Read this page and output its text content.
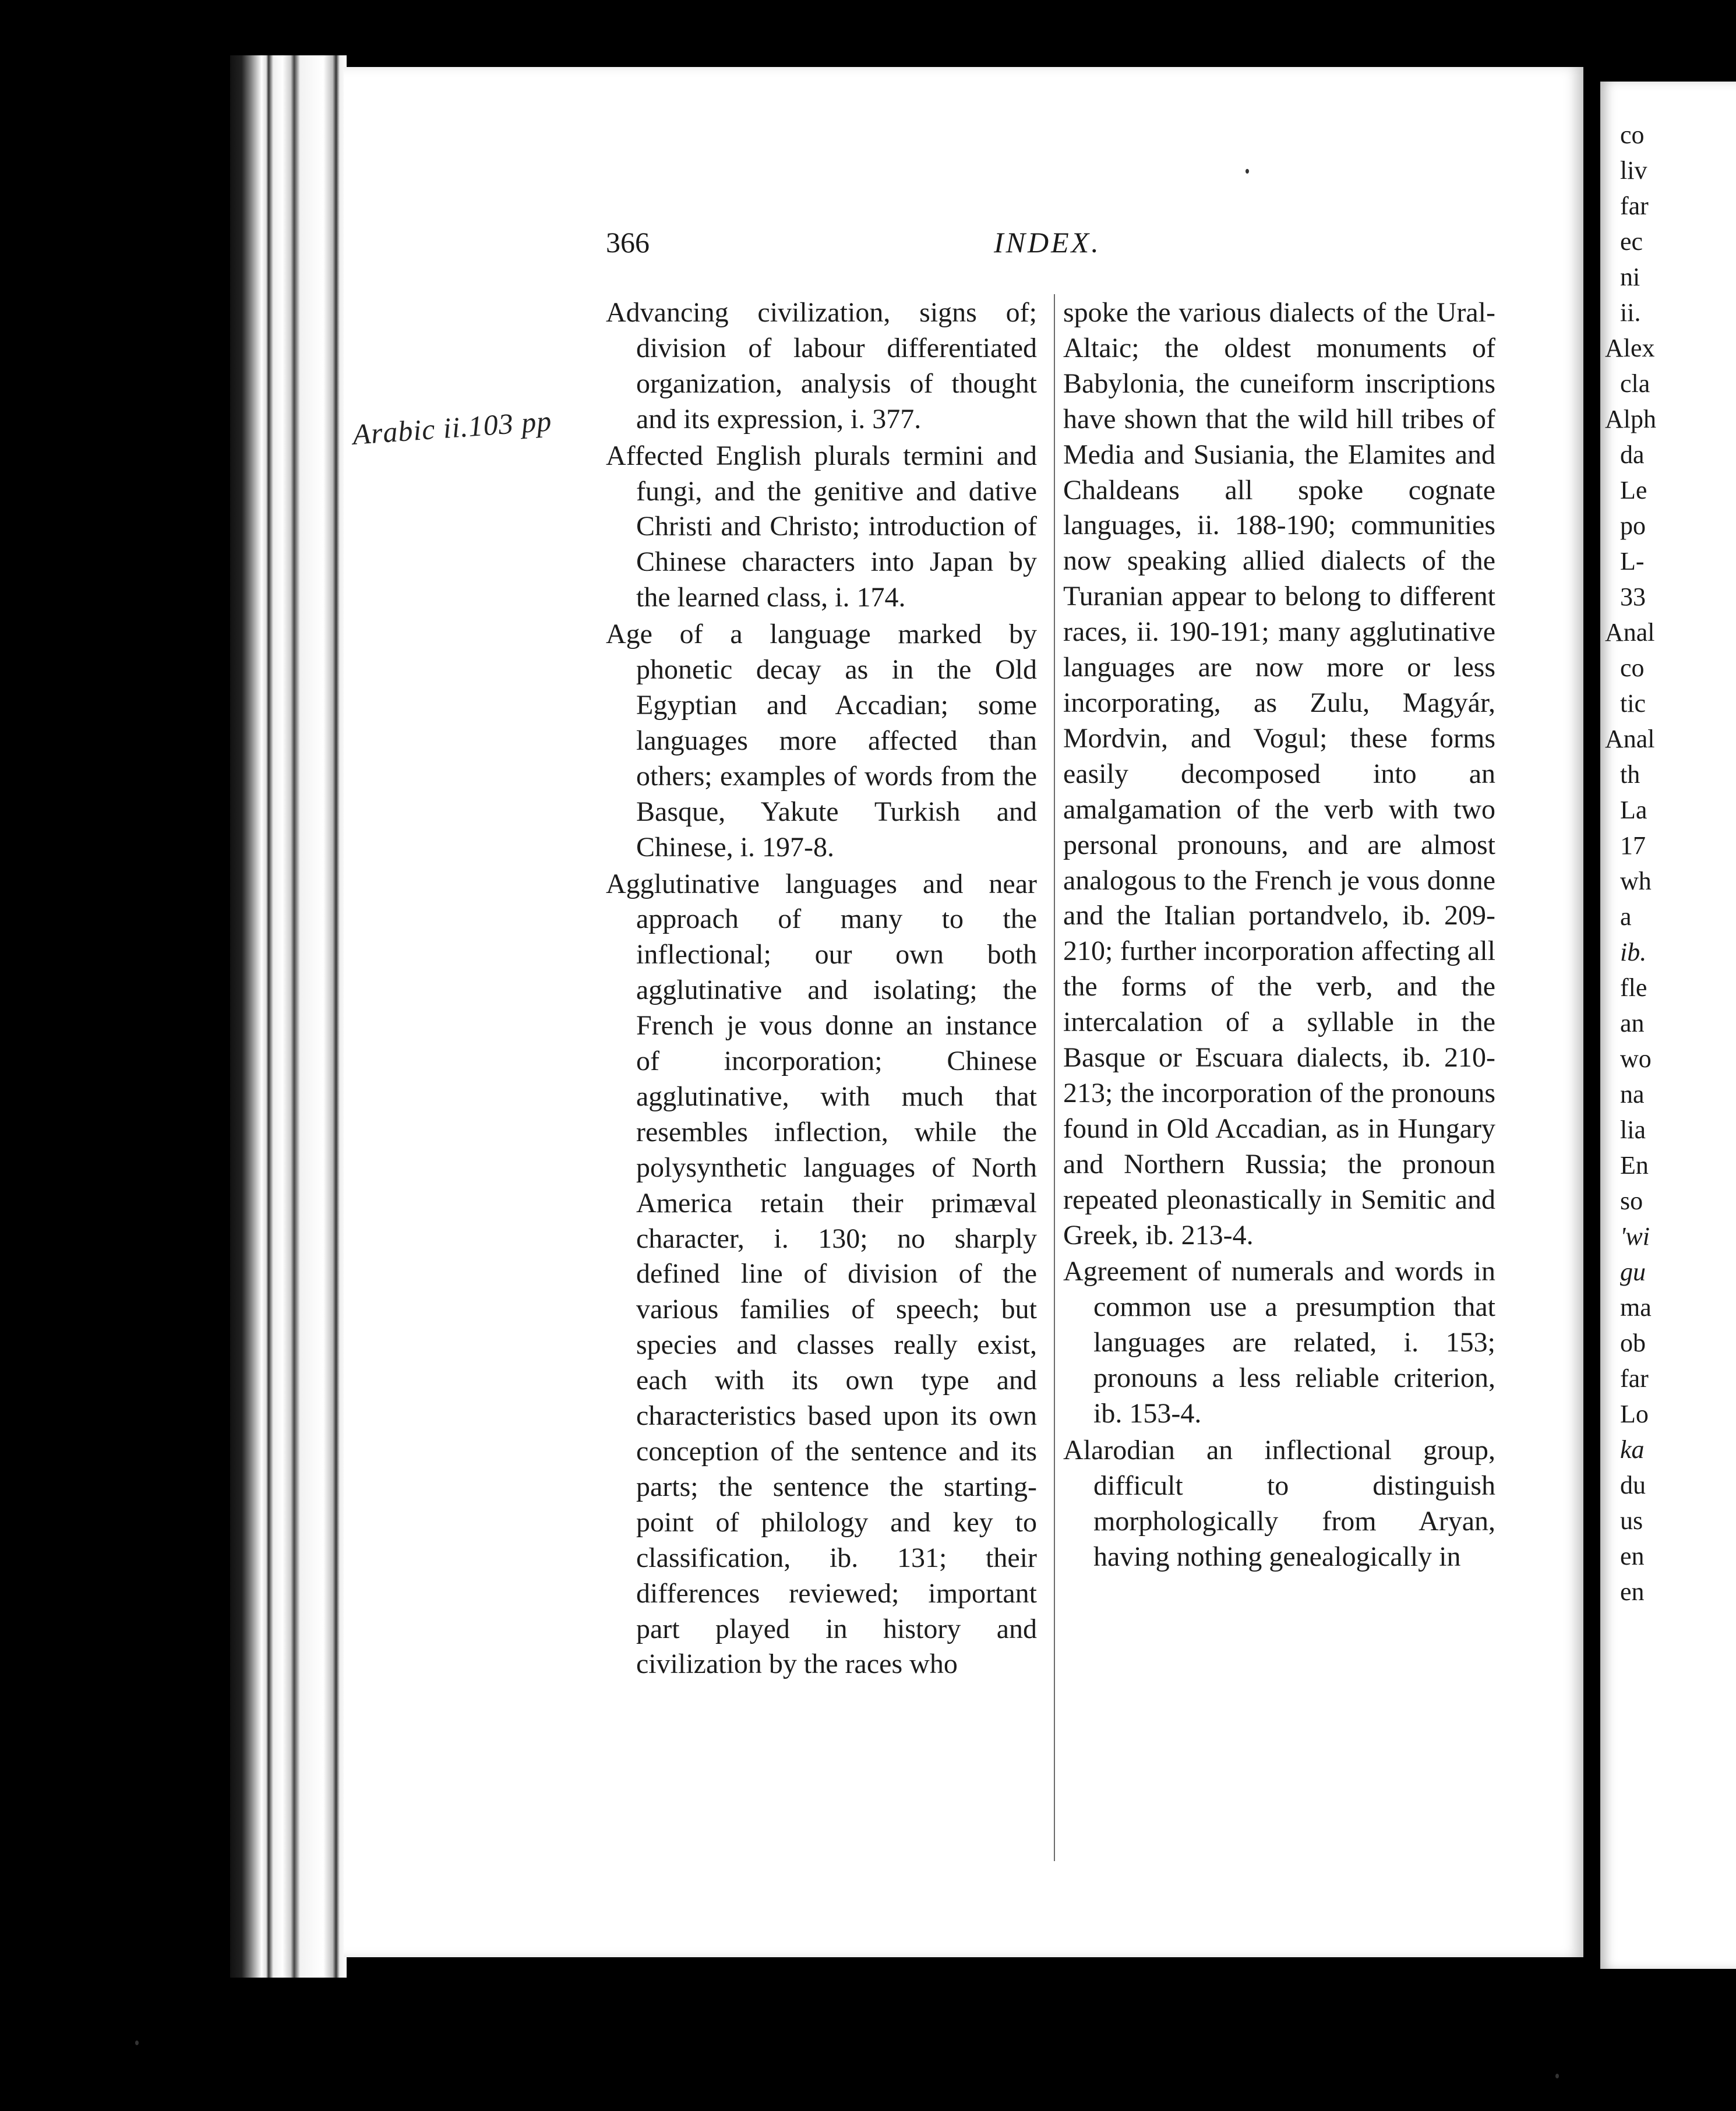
co
liv
far
ec
ni
ii.
Alex
cla
Alph
da
Le
po
L-
33
Anal
co
tic
Anal
th
La
17
wh
a
ib.
fle
an
wo
na
lia
En
so
'wi
gu
ma
ob
far
Lo
ka
du
us
en
en
366	INDEX.

Advancing civilization, signs of; division of labour differentiated organization, analysis of thought and its expression, i. 377.

Affected English plurals termini and fungi, and the genitive and dative Christi and Christo; introduction of Chinese characters into Japan by the learned class, i. 174.

Age of a language marked by phonetic decay as in the Old Egyptian and Accadian; some languages more affected than others; examples of words from the Basque, Yakute Turkish and Chinese, i. 197-8.

Agglutinative languages and near approach of many to the inflectional; our own both agglutinative and isolating; the French je vous donne an instance of incorporation; Chinese agglutinative, with much that resembles inflection, while the polysynthetic languages of North America retain their primæval character, i. 130; no sharply defined line of division of the various families of speech; but species and classes really exist, each with its own type and characteristics based upon its own conception of the sentence and its parts; the sentence the starting-point of philology and key to classification, ib. 131; their differences reviewed; important part played in history and civilization by the races who

spoke the various dialects of the Ural-Altaic; the oldest monuments of Babylonia, the cuneiform inscriptions have shown that the wild hill tribes of Media and Susiania, the Elamites and Chaldeans all spoke cognate languages, ii. 188-190; communities now speaking allied dialects of the Turanian appear to belong to different races, ii. 190-191; many agglutinative languages are now more or less incorporating, as Zulu, Magyár, Mordvin, and Vogul; these forms easily decomposed into an amalgamation of the verb with two personal pronouns, and are almost analogous to the French je vous donne and the Italian portandvelo, ib. 209-210; further incorporation affecting all the forms of the verb, and the intercalation of a syllable in the Basque or Escuara dialects, ib. 210-213; the incorporation of the pronouns found in Old Accadian, as in Hungary and Northern Russia; the pronoun repeated pleonastically in Semitic and Greek, ib. 213-4.

Agreement of numerals and words in common use a presumption that languages are related, i. 153; pronouns a less reliable criterion, ib. 153-4.

Alarodian an inflectional group, difficult to distinguish morphologically from Aryan, having nothing genealogically in

Arabic ii.103 pp
